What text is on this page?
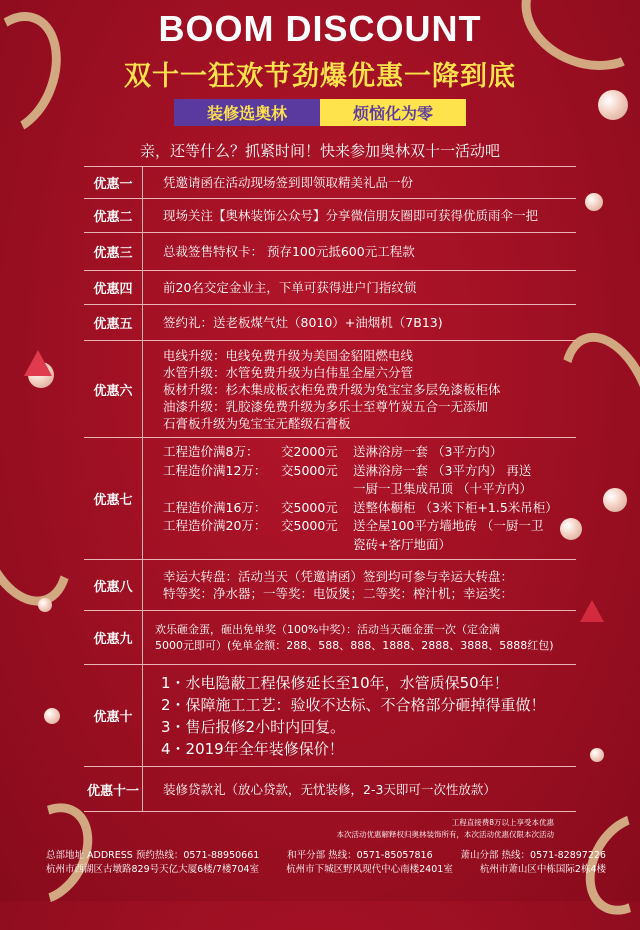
BOOM DISCOUNT
双十一狂欢节劲爆优惠一降到底
装修选奥林	烦恼化为零
亲，还等什么？抓紧时间！快来参加奥林双十一活动吧
优惠一	凭邀请函在活动现场签到即领取精美礼品一份
优惠二	现场关注【奥林装饰公众号】分享微信朋友圈即可获得优质雨伞一把
优惠三	总裁签售特权卡： 预存100元抵600元工程款
优惠四	前20名交定金业主，下单可获得进户门指纹锁
优惠五	签约礼：送老板煤气灶（8010）+油烟机（7B13)
优惠六
电线升级：电线免费升级为美国金貂阻燃电线
水管升级：水管免费升级为白伟星全屋六分管
板材升级：杉木集成板衣柜免费升级为兔宝宝多层免漆板柜体
油漆升级：乳胶漆免费升级为多乐士至尊竹炭五合一无添加
石膏板升级为兔宝宝无醛级石膏板
优惠七
工程造价满8万：	交2000元	送淋浴房一套 （3平方内）
工程造价满12万：	交5000元	送淋浴房一套 （3平方内） 再送
一厨一卫集成吊顶 （十平方内）
工程造价满16万：	交5000元	送整体橱柜 （3米下柜+1.5米吊柜）
工程造价满20万：	交5000元	送全屋100平方墙地砖 （一厨一卫
瓷砖+客厅地面）
优惠八
幸运大转盘：活动当天（凭邀请函）签到均可参与幸运大转盘：
特等奖：净水器；一等奖：电饭煲；二等奖：榨汁机；幸运奖：
优惠九
欢乐砸金蛋，砸出免单奖（100%中奖）：活动当天砸金蛋一次（定金满
5000元即可）(免单金额：288、588、888、1888、2888、3888、5888红包)
优惠十
1・水电隐蔽工程保修延长至10年，水管质保50年！
2・保障施工工艺：验收不达标、不合格部分砸掉得重做！
3・售后报修2小时内回复。
4・2019年全年装修保价！
优惠十一	装修贷款礼（放心贷款，无忧装修，2-3天即可一次性放款）
工程直接费8万以上享受本优惠
本次活动优惠解释权归奥林装饰所有，本次活动优惠仅限本次活动
总部地址 ADDRESS 预约热线：0571-88950661	和平分部 热线：0571-85057816	萧山分部 热线：0571-82897226
杭州市西湖区古墩路829号天亿大厦6楼/7楼704室	杭州市下城区野风现代中心南楼2401室	杭州市萧山区中栋国际2栋4楼
